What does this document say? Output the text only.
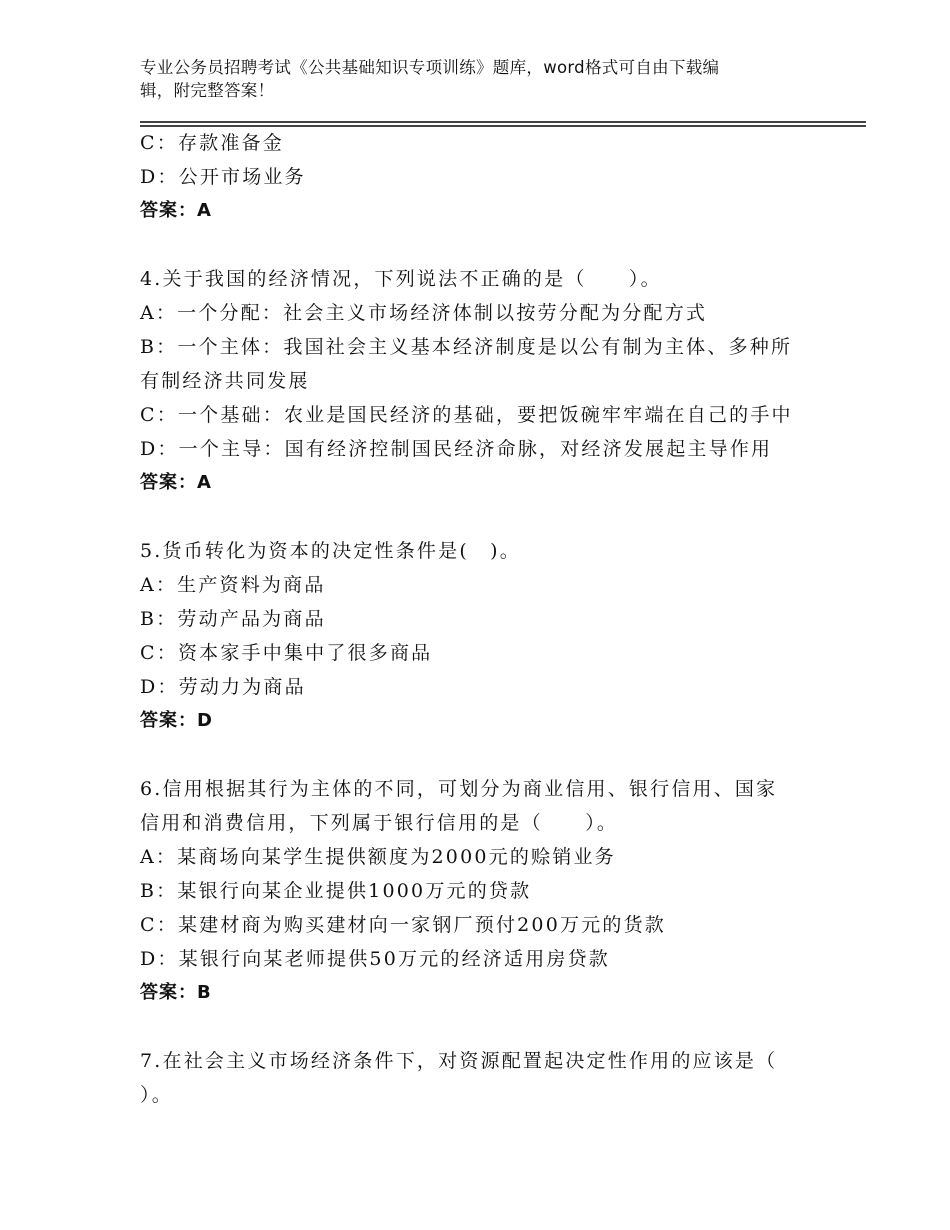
专业公务员招聘考试《公共基础知识专项训练》题库，word格式可自由下载编
辑，附完整答案！
C：存款准备金
D：公开市场业务
答案：A
4.关于我国的经济情况，下列说法不正确的是（　　）。
A：一个分配：社会主义市场经济体制以按劳分配为分配方式
B：一个主体：我国社会主义基本经济制度是以公有制为主体、多种所
有制经济共同发展
C：一个基础：农业是国民经济的基础，要把饭碗牢牢端在自己的手中
D：一个主导：国有经济控制国民经济命脉，对经济发展起主导作用
答案：A
5.货币转化为资本的决定性条件是(　)。
A：生产资料为商品
B：劳动产品为商品
C：资本家手中集中了很多商品
D：劳动力为商品
答案：D
6.信用根据其行为主体的不同，可划分为商业信用、银行信用、国家
信用和消费信用，下列属于银行信用的是（　　）。
A：某商场向某学生提供额度为2000元的赊销业务
B：某银行向某企业提供1000万元的贷款
C：某建材商为购买建材向一家钢厂预付200万元的货款
D：某银行向某老师提供50万元的经济适用房贷款
答案：B
7.在社会主义市场经济条件下，对资源配置起决定性作用的应该是（
）。
